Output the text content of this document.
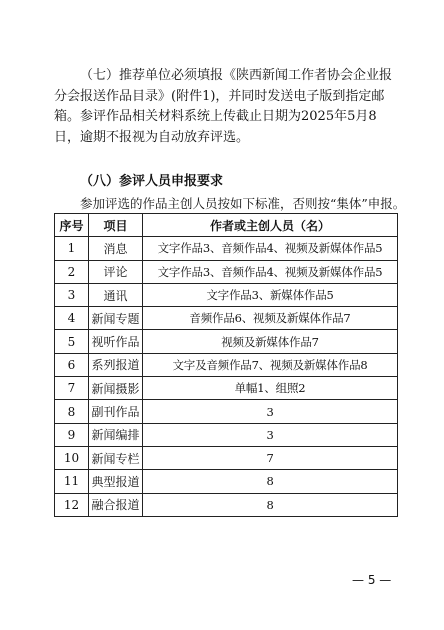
（七）推荐单位必须填报《陕西新闻工作者协会企业报分会报送作品目录》(附件1)，并同时发送电子版到指定邮箱。参评作品相关材料系统上传截止日期为2025年5月8日，逾期不报视为自动放弃评选。

（八）参评人员申报要求

参加评选的作品主创人员按如下标准，否则按“集体”申报。

序号	项目	作者或主创人员（名）
1	消息	文字作品3、音频作品4、视频及新媒体作品5
2	评论	文字作品3、音频作品4、视频及新媒体作品5
3	通讯	文字作品3、新媒体作品5
4	新闻专题	音频作品6、视频及新媒体作品7
5	视听作品	视频及新媒体作品7
6	系列报道	文字及音频作品7、视频及新媒体作品8
7	新闻摄影	单幅1、组照2
8	副刊作品	3
9	新闻编排	3
10	新闻专栏	7
11	典型报道	8
12	融合报道	8
— 5 —
